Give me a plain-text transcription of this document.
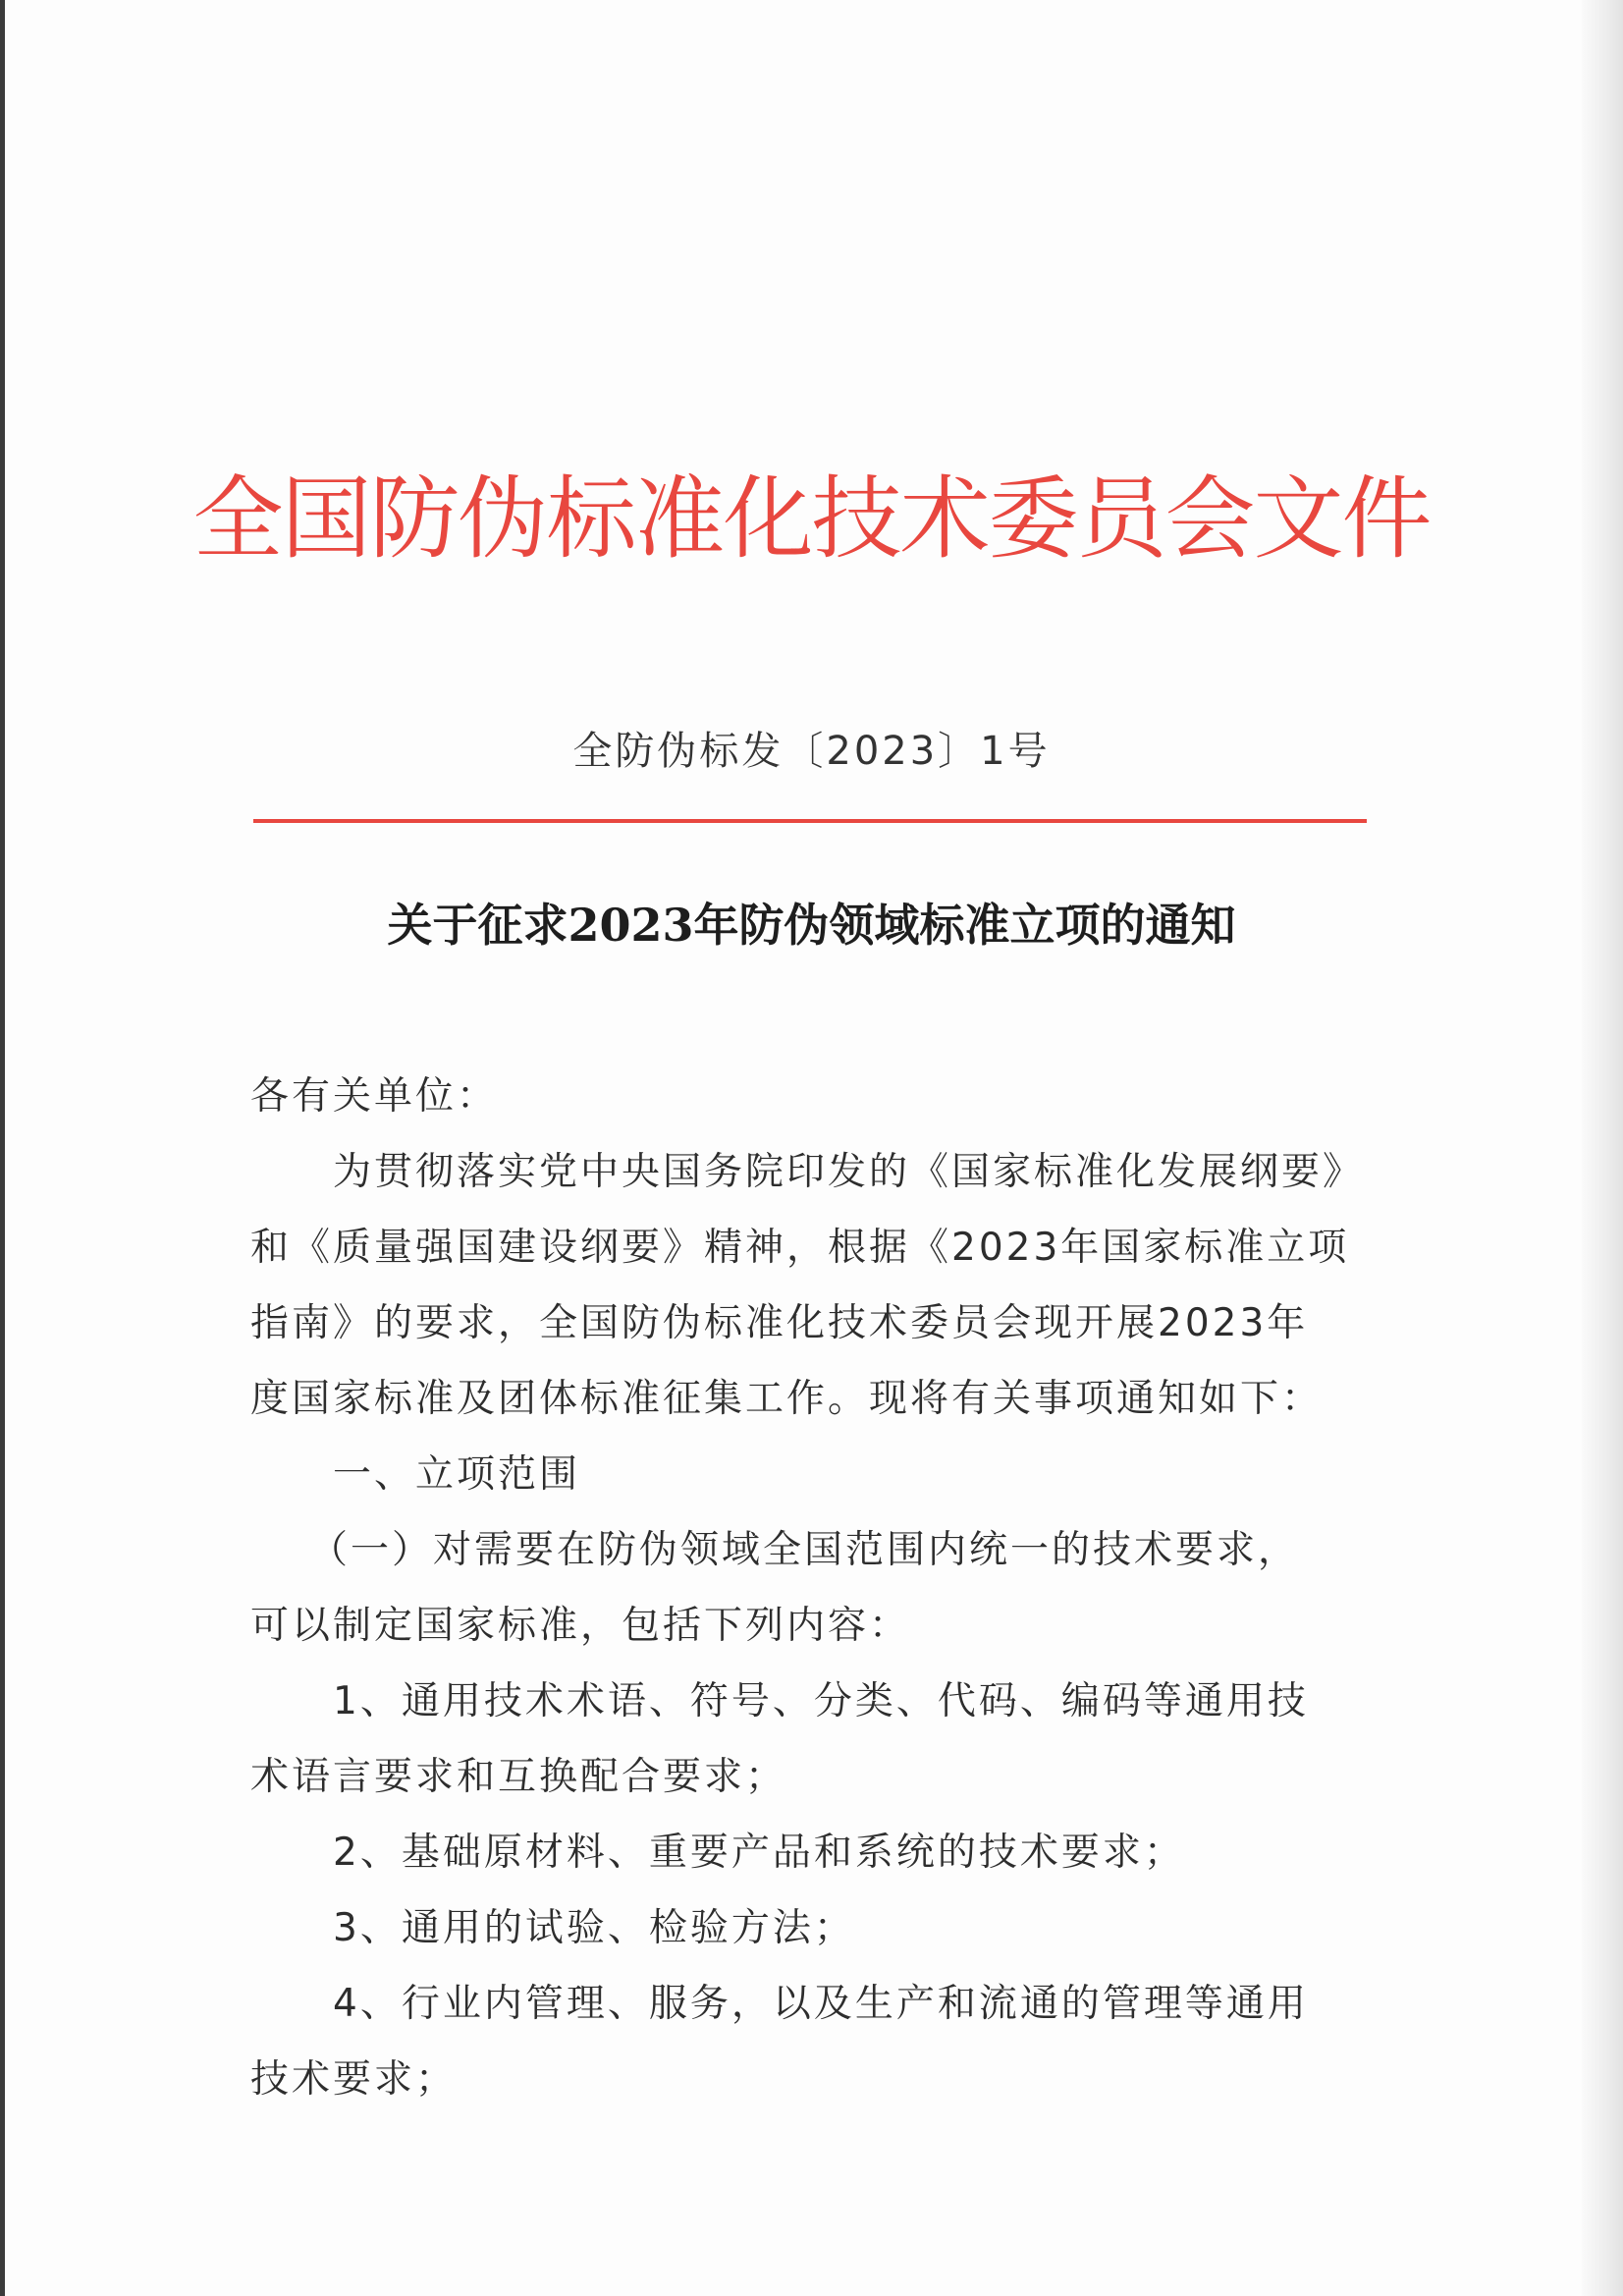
全国防伪标准化技术委员会文件
全防伪标发〔2023〕1号
关于征求2023年防伪领域标准立项的通知

各有关单位：

为贯彻落实党中央国务院印发的《国家标准化发展纲要》

和《质量强国建设纲要》精神，根据《2023年国家标准立项

指南》的要求，全国防伪标准化技术委员会现开展2023年

度国家标准及团体标准征集工作。现将有关事项通知如下：

一、立项范围

（一）对需要在防伪领域全国范围内统一的技术要求，

可以制定国家标准，包括下列内容：

1、通用技术术语、符号、分类、代码、编码等通用技

术语言要求和互换配合要求；

2、基础原材料、重要产品和系统的技术要求；

3、通用的试验、检验方法；

4、行业内管理、服务，以及生产和流通的管理等通用

技术要求；
